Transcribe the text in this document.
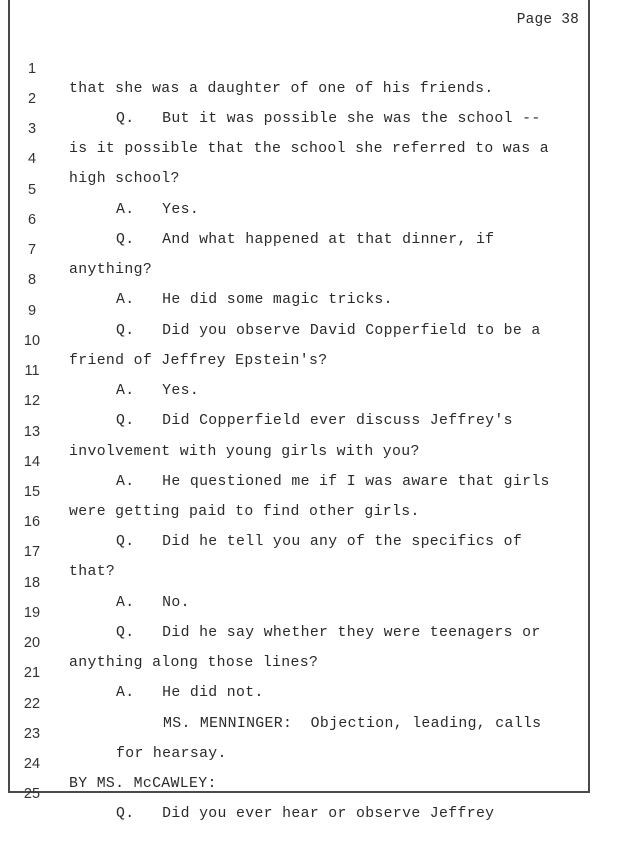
Page 38

1

that she was a daughter of one of his friends.

2

Q.   But it was possible she was the school --

3

is it possible that the school she referred to was a

4

high school?

5

A.   Yes.

6

Q.   And what happened at that dinner, if

7

anything?

8

A.   He did some magic tricks.

9

Q.   Did you observe David Copperfield to be a

10

friend of Jeffrey Epstein's?

11

A.   Yes.

12

Q.   Did Copperfield ever discuss Jeffrey's

13

involvement with young girls with you?

14

A.   He questioned me if I was aware that girls

15

were getting paid to find other girls.

16

Q.   Did he tell you any of the specifics of

17

that?

18

A.   No.

19

Q.   Did he say whether they were teenagers or

20

anything along those lines?

21

A.   He did not.

22

MS. MENNINGER:  Objection, leading, calls

23

for hearsay.

24

BY MS. McCAWLEY:

25

Q.   Did you ever hear or observe Jeffrey
